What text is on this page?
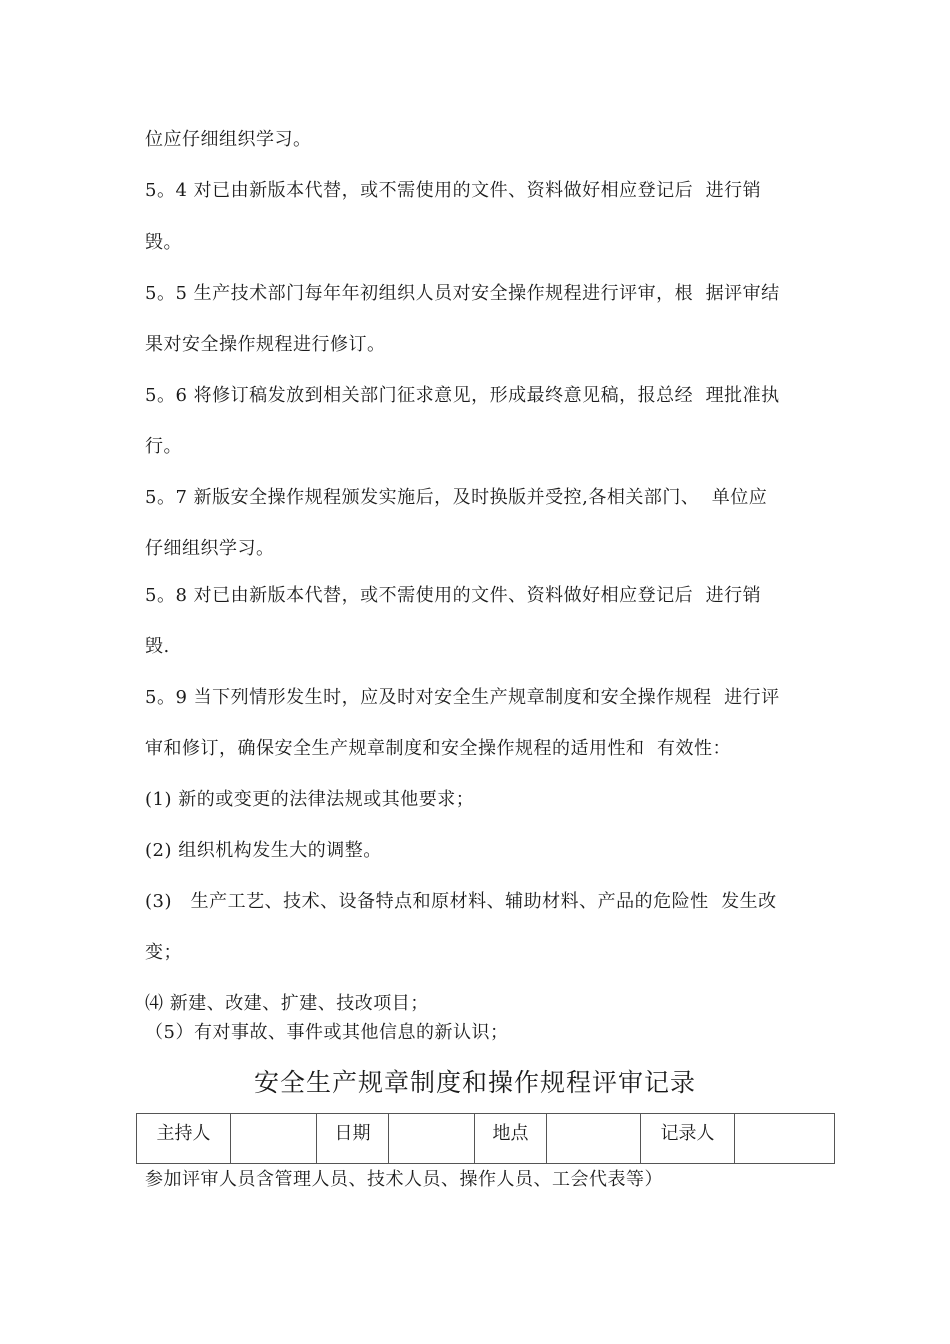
位应仔细组织学习。
5。4 对已由新版本代替，或不需使用的文件、资料做好相应登记后  进行销
毁。
5。5 生产技术部门每年年初组织人员对安全操作规程进行评审，根  据评审结
果对安全操作规程进行修订。
5。6 将修订稿发放到相关部门征求意见，形成最终意见稿，报总经  理批准执
行。
5。7 新版安全操作规程颁发实施后，及时换版并受控,各相关部门、  单位应
仔细组织学习。
5。8 对已由新版本代替，或不需使用的文件、资料做好相应登记后  进行销
毁.
5。9 当下列情形发生时，应及时对安全生产规章制度和安全操作规程  进行评
审和修订，确保安全生产规章制度和安全操作规程的适用性和  有效性：
(1) 新的或变更的法律法规或其他要求；
(2) 组织机构发生大的调整。
(3)   生产工艺、技术、设备特点和原材料、辅助材料、产品的危险性  发生改
变；
⑷ 新建、改建、扩建、技改项目；
（5）有对事故、事件或其他信息的新认识；
安全生产规章制度和操作规程评审记录
主持人		日期		地点		记录人	
参加评审人员含管理人员、技术人员、操作人员、工会代表等）
